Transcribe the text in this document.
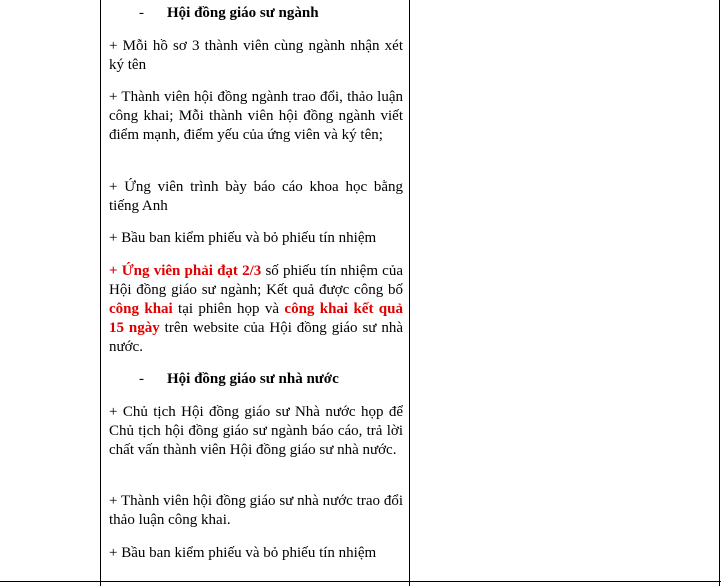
- Hội đồng giáo sư ngành

+ Mỗi hồ sơ 3 thành viên cùng ngành nhận xét ký tên

+ Thành viên hội đồng ngành trao đổi, thảo luận công khai; Mỗi thành viên hội đồng ngành viết điểm mạnh, điểm yếu của ứng viên và ký tên;

+ Ứng viên trình bày báo cáo khoa học bằng tiếng Anh

+ Bầu ban kiểm phiếu và bỏ phiếu tín nhiệm

+ Ứng viên phải đạt 2/3 số phiếu tín nhiệm của Hội đồng giáo sư ngành; Kết quả được công bố công khai tại phiên họp và công khai kết quả 15 ngày trên website của Hội đồng giáo sư nhà nước.

- Hội đồng giáo sư nhà nước

+ Chủ tịch Hội đồng giáo sư Nhà nước họp để Chủ tịch hội đồng giáo sư ngành báo cáo, trả lời chất vấn thành viên Hội đồng giáo sư nhà nước.

+ Thành viên hội đồng giáo sư nhà nước trao đổi thảo luận công khai.

+ Bầu ban kiểm phiếu và bỏ phiếu tín nhiệm
